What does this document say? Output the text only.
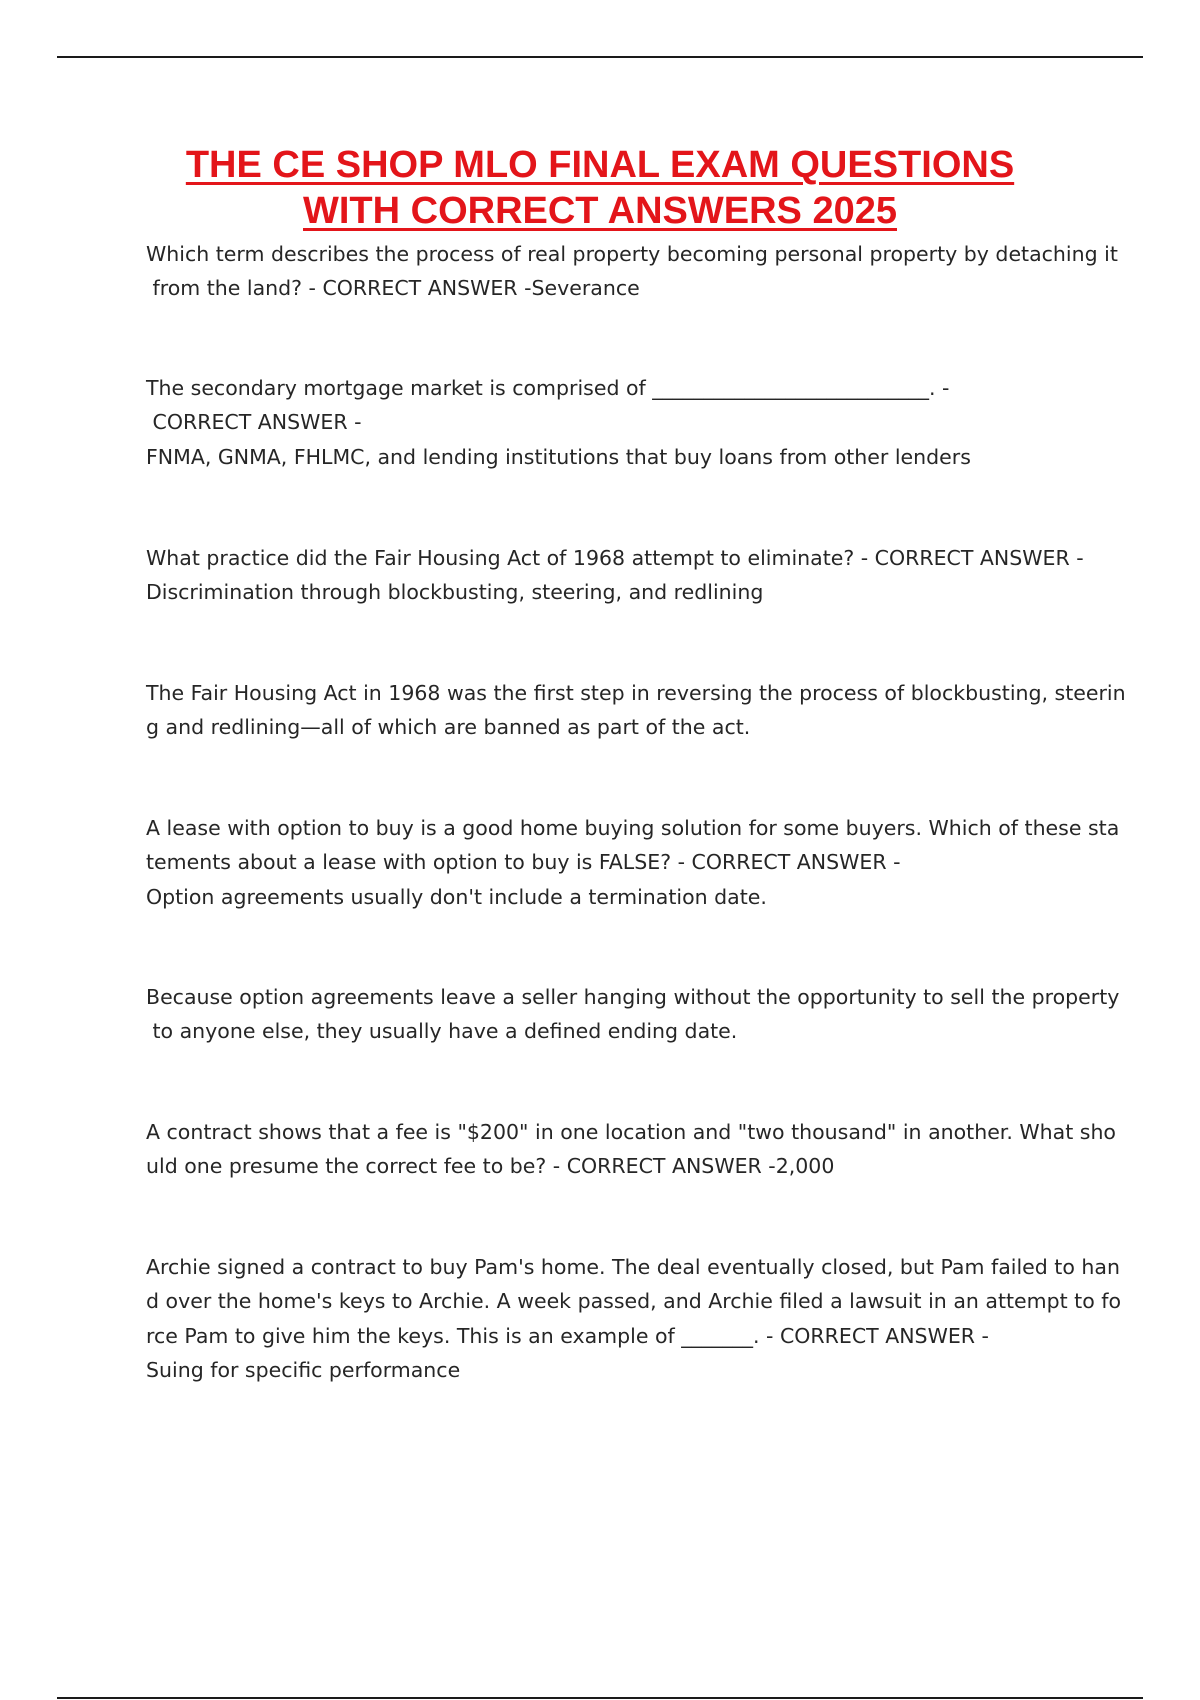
THE CE SHOP MLO FINAL EXAM QUESTIONS
WITH CORRECT ANSWERS 2025

Which term describes the process of real property becoming personal property by detaching it

from the land? - CORRECT ANSWER -Severance

The secondary mortgage market is comprised of ___________________________. -

CORRECT ANSWER -

FNMA, GNMA, FHLMC, and lending institutions that buy loans from other lenders

What practice did the Fair Housing Act of 1968 attempt to eliminate? - CORRECT ANSWER -

Discrimination through blockbusting, steering, and redlining

The Fair Housing Act in 1968 was the first step in reversing the process of blockbusting, steerin

g and redlining—all of which are banned as part of the act.

A lease with option to buy is a good home buying solution for some buyers. Which of these sta

tements about a lease with option to buy is FALSE? - CORRECT ANSWER -

Option agreements usually don't include a termination date.

Because option agreements leave a seller hanging without the opportunity to sell the property

to anyone else, they usually have a defined ending date.

A contract shows that a fee is "$200" in one location and "two thousand" in another. What sho

uld one presume the correct fee to be? - CORRECT ANSWER -2,000

Archie signed a contract to buy Pam's home. The deal eventually closed, but Pam failed to han

d over the home's keys to Archie. A week passed, and Archie filed a lawsuit in an attempt to fo

rce Pam to give him the keys. This is an example of _______. - CORRECT ANSWER -

Suing for specific performance
